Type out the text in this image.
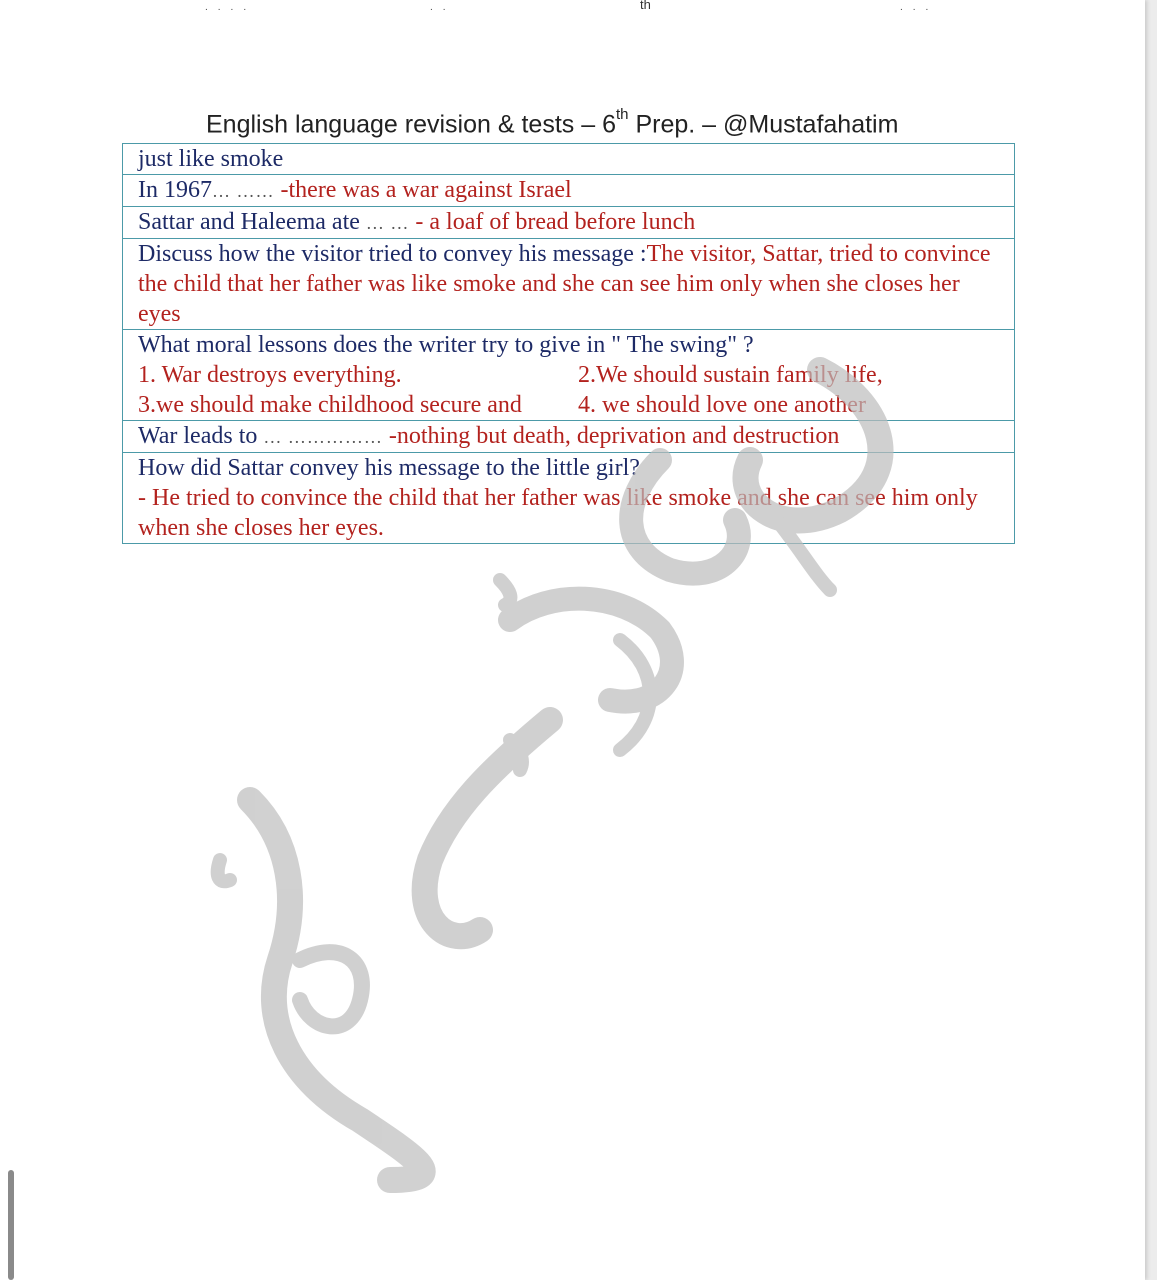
....	..	th	...
English language revision & tests – 6th Prep. – @Mustafahatim
just like smoke
In 1967… …… -there was a war against Israel
Sattar and Haleema ate … … - a loaf of bread before lunch
Discuss how the visitor tried to convey his message :The visitor, Sattar, tried to convince the child that her father was like smoke and she can see him only when she closes her eyes

What moral lessons does the writer try to give in " The swing" ?
1. War destroys everything.	2.We should sustain family life,
3.we should make childhood secure and	4. we should love one another

War leads to … …………… -nothing but death, deprivation and destruction

How did Sattar convey his message to the little girl?
- He tried to convince the child that her father was like smoke and she can see him only when she closes her eyes.
